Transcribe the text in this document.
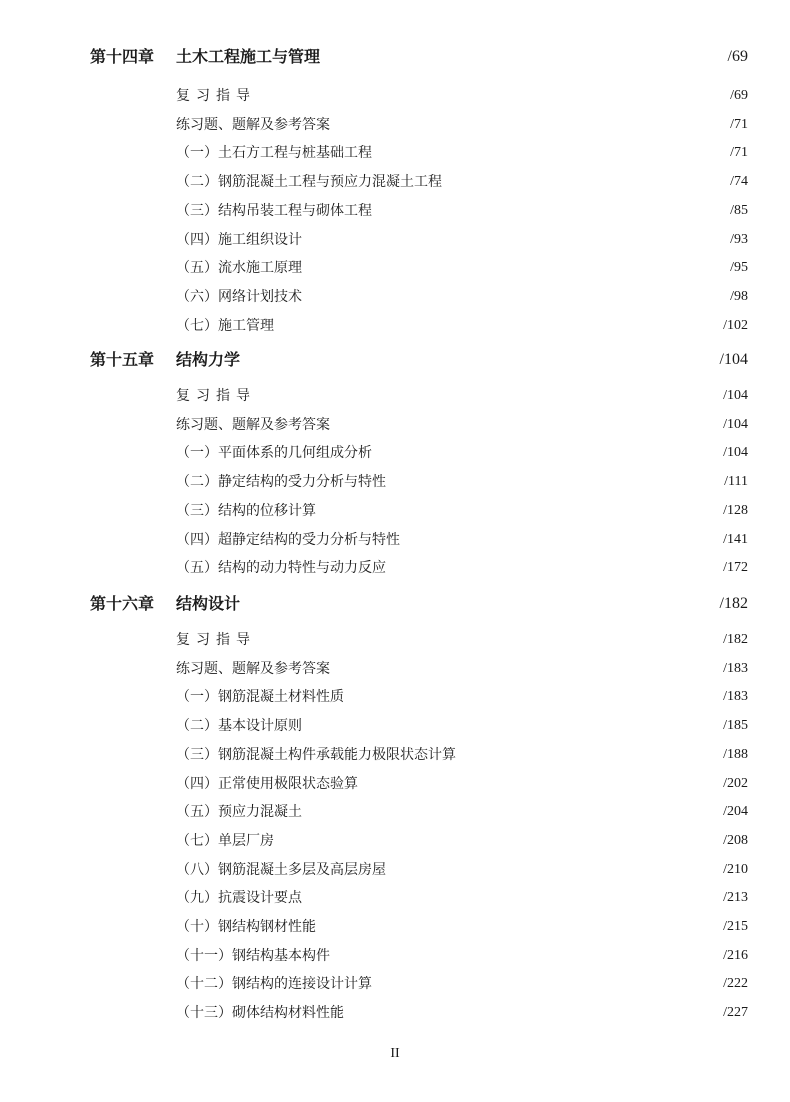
第十四章 土木工程施工与管理	/69
复习指导	/69
练习题、题解及参考答案	/71
（一）土石方工程与桩基础工程	/71
（二）钢筋混凝土工程与预应力混凝土工程	/74
（三）结构吊装工程与砌体工程	/85
（四）施工组织设计	/93
（五）流水施工原理	/95
（六）网络计划技术	/98
（七）施工管理	/102
第十五章 结构力学	/104
复习指导	/104
练习题、题解及参考答案	/104
（一）平面体系的几何组成分析	/104
（二）静定结构的受力分析与特性	/111
（三）结构的位移计算	/128
（四）超静定结构的受力分析与特性	/141
（五）结构的动力特性与动力反应	/172
第十六章 结构设计	/182
复习指导	/182
练习题、题解及参考答案	/183
（一）钢筋混凝土材料性质	/183
（二）基本设计原则	/185
（三）钢筋混凝土构件承载能力极限状态计算	/188
（四）正常使用极限状态验算	/202
（五）预应力混凝土	/204
（七）单层厂房	/208
（八）钢筋混凝土多层及高层房屋	/210
（九）抗震设计要点	/213
（十）钢结构钢材性能	/215
（十一）钢结构基本构件	/216
（十二）钢结构的连接设计计算	/222
（十三）砌体结构材料性能	/227
II
